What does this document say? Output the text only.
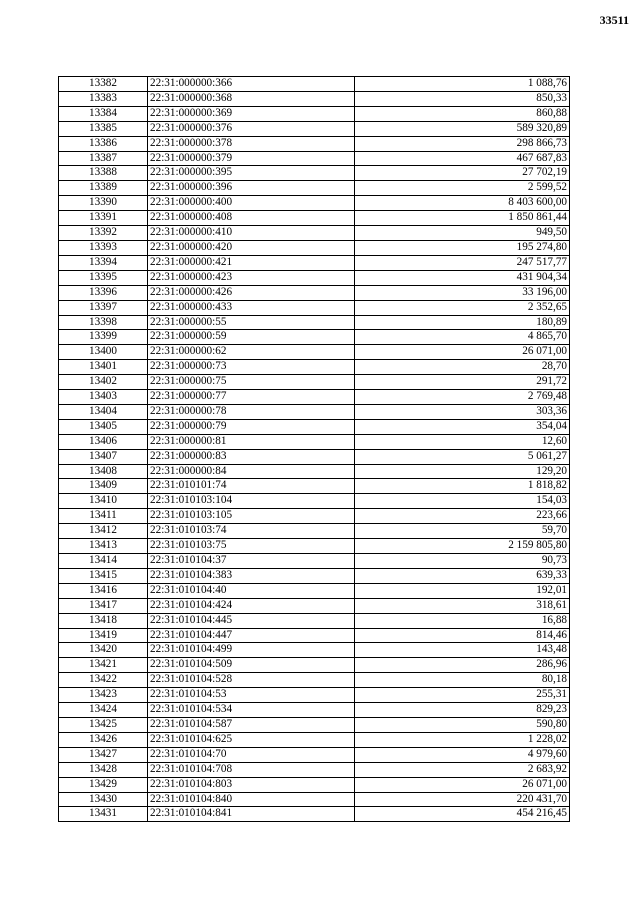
33511
13382	22:31:000000:366	1 088,76
13383	22:31:000000:368	850,33
13384	22:31:000000:369	860,88
13385	22:31:000000:376	589 320,89
13386	22:31:000000:378	298 866,73
13387	22:31:000000:379	467 687,83
13388	22:31:000000:395	27 702,19
13389	22:31:000000:396	2 599,52
13390	22:31:000000:400	8 403 600,00
13391	22:31:000000:408	1 850 861,44
13392	22:31:000000:410	949,50
13393	22:31:000000:420	195 274,80
13394	22:31:000000:421	247 517,77
13395	22:31:000000:423	431 904,34
13396	22:31:000000:426	33 196,00
13397	22:31:000000:433	2 352,65
13398	22:31:000000:55	180,89
13399	22:31:000000:59	4 865,70
13400	22:31:000000:62	26 071,00
13401	22:31:000000:73	28,70
13402	22:31:000000:75	291,72
13403	22:31:000000:77	2 769,48
13404	22:31:000000:78	303,36
13405	22:31:000000:79	354,04
13406	22:31:000000:81	12,60
13407	22:31:000000:83	5 061,27
13408	22:31:000000:84	129,20
13409	22:31:010101:74	1 818,82
13410	22:31:010103:104	154,03
13411	22:31:010103:105	223,66
13412	22:31:010103:74	59,70
13413	22:31:010103:75	2 159 805,80
13414	22:31:010104:37	90,73
13415	22:31:010104:383	639,33
13416	22:31:010104:40	192,01
13417	22:31:010104:424	318,61
13418	22:31:010104:445	16,88
13419	22:31:010104:447	814,46
13420	22:31:010104:499	143,48
13421	22:31:010104:509	286,96
13422	22:31:010104:528	80,18
13423	22:31:010104:53	255,31
13424	22:31:010104:534	829,23
13425	22:31:010104:587	590,80
13426	22:31:010104:625	1 228,02
13427	22:31:010104:70	4 979,60
13428	22:31:010104:708	2 683,92
13429	22:31:010104:803	26 071,00
13430	22:31:010104:840	220 431,70
13431	22:31:010104:841	454 216,45
